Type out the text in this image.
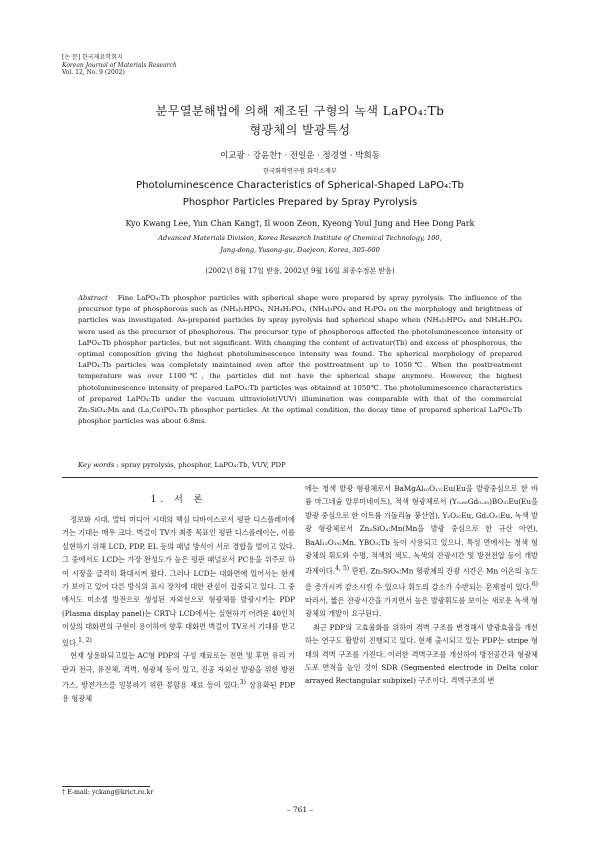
[논 문] 한국재료학회지
Korean Journal of Materials Research
Vol. 12, No. 9 (2002)
분무열분해법에 의해 제조된 구형의 녹색 LaPO₄:Tb
형광체의 발광특성
이교광 · 강윤찬† · 전일운 · 정경열 · 박희동
한국화학연구원 화학소재부
Photoluminescence Characteristics of Spherical-Shaped LaPO₄:Tb
Phosphor Particles Prepared by Spray Pyrolysis
Kyo Kwang Lee, Yun Chan Kang†, Il woon Zeon, Kyeong Youl Jung and Hee Dong Park
Advanced Materials Division, Korea Research Institute of Chemical Technology, 100,
Jang-dong, Yusong-gu, Daejeon, Korea, 305-600
(2002년 8월 17일 받음, 2002년 9월 16일 최종수정본 받음)
Abstract Fine LaPO₄:Tb phosphor particles with spherical shape were prepared by spray pyrolysis. The influence of the precursor type of phosphorous such as (NH₄)₂HPO₄, NH₄H₂PO₄, (NH₄)₃PO₄ and H₃PO₄ on the morphology and brightness of particles was investigated. As-prepared particles by spray pyrolysis had spherical shape when (NH₄)₂HPO₄ and NH₄H₂PO₄ were used as the precursor of phosphorous. The precursor type of phosphorous affected the photoluminescence intensity of LaPO₄:Tb phosphor particles, but not significant. With changing the content of activator(Tb) and excess of phosphorous, the optimal composition giving the highest photoluminescence intensity was found. The spherical morphology of prepared LaPO₄:Tb particles was completely maintained even after the posttreatment up to 1050℃. When the posttreatment temperature was over 1100℃, the particles did not have the spherical shape anymore. However, the highest photoluminescence intensity of prepared LaPO₄:Tb particles was obtained at 1050℃. The photoluminescence characteristics of prepared LaPO₄:Tb under the vacuum ultraviolet(VUV) illumination was comparable with that of the commercial Zn₂SiO₄:Mn and (La,Ce)PO₄:Tb phosphor particles. At the optimal condition, the decay time of prepared spherical LaPO₄:Tb phosphor particles was about 6.8ms.
Key words : spray pyrolysis, phosphor, LaPO₄:Tb, VUV, PDP
1. 서 론

정보화 시대, 멀티 미디어 시대의 핵심 디바이스로서 평판 디스플레이에 거는 기대는 매우 크다. 벽걸이 TV가 최종 목표인 평판 디스플레이는, 이를 실현하기 위해 LCD, PDP, EL 등의 패널 방식이 서로 경합을 벌이고 있다. 그 중에서도 LCD는 가장 완성도가 높은 평판 패널로서 PC용을 위주로 하여 시장을 급격히 확대시켜 왔다. 그러나 LCD는 대화면에 있어서는 한계가 보이고 있어 다른 방식의 표시 장치에 대한 관심이 집중되고 있다. 그 중에서도 미소셀 방전으로 생성된 자외선으로 형광체를 발광시키는 PDP (Plasma display panel)는 CRT나 LCD에서는 실현하기 어려운 40인치 이상의 대화면의 구현이 용이하여 향후 대화면 벽걸이 TV로서 기대를 받고 있다.$^{1, 2)}$

현재 상용화되고있는 AC형 PDP의 구성 재료로는 전면 및 후면 유리 기판과 전극, 유전체, 격벽, 형광체 등이 있고, 진공 자외선 발광을 위한 방전가스, 방전가스를 밀봉하기 위한 봉합용 재료 등이 있다.$^{3)}$ 상용화된 PDP용 형광체

에는 청색 발광 형광체로서 BaMgAl₁₀O₁₇:Eu(Eu을 발광중심으로 한 바륨 마그네슘 알루미네이트), 적색 형광체로서 (Y₀.₆₅Gd₀.₃₅)BO₃:Eu(Eu을 발광 중심으로 한 이트륨 가돌리늄 붕산염), Y₂O₃:Eu, Gd₂O₃:Eu, 녹색 발광 형광체로서 Zn₂SiO₄:Mn(Mn을 발광 중심으로 한 규산 아연), BaAl₁₂O₁₉:Mn, YBO₃:Tb 등이 사용되고 있으나, 특성 면에서는 청색 형광체의 휘도와 수명, 적색의 색도, 녹색의 잔광시간 및 방전전압 등이 개발과제이다.$^{4, 5)}$ 한편, Zn₂SiO₄:Mn 형광체의 잔광 시간은 Mn 이온의 농도를 증가시켜 감소시킬 수 있으나 휘도의 감소가 수반되는 문제점이 있다.$^{6)}$ 따라서, 짧은 잔광시간을 가지면서 높은 발광휘도를 보이는 새로운 녹색 형광체의 개발이 요구된다.

최근 PDP의 고효율화를 위하여 격벽 구조를 변경해서 발광효율을 개선하는 연구도 활발히 진행되고 있다. 현재 출시되고 있는 PDP는 stripe 형태의 격벽 구조를 가진다. 이러한 격벽구조를 개선하여 방전공간과 형광체 도포 면적을 높인 것이 SDR (Segmented electrode in Delta color arrayed Rectangular subpixel) 구조이다. 격벽구조의 변

† E-mail: yckang@krict.re.kr
– 761 –
